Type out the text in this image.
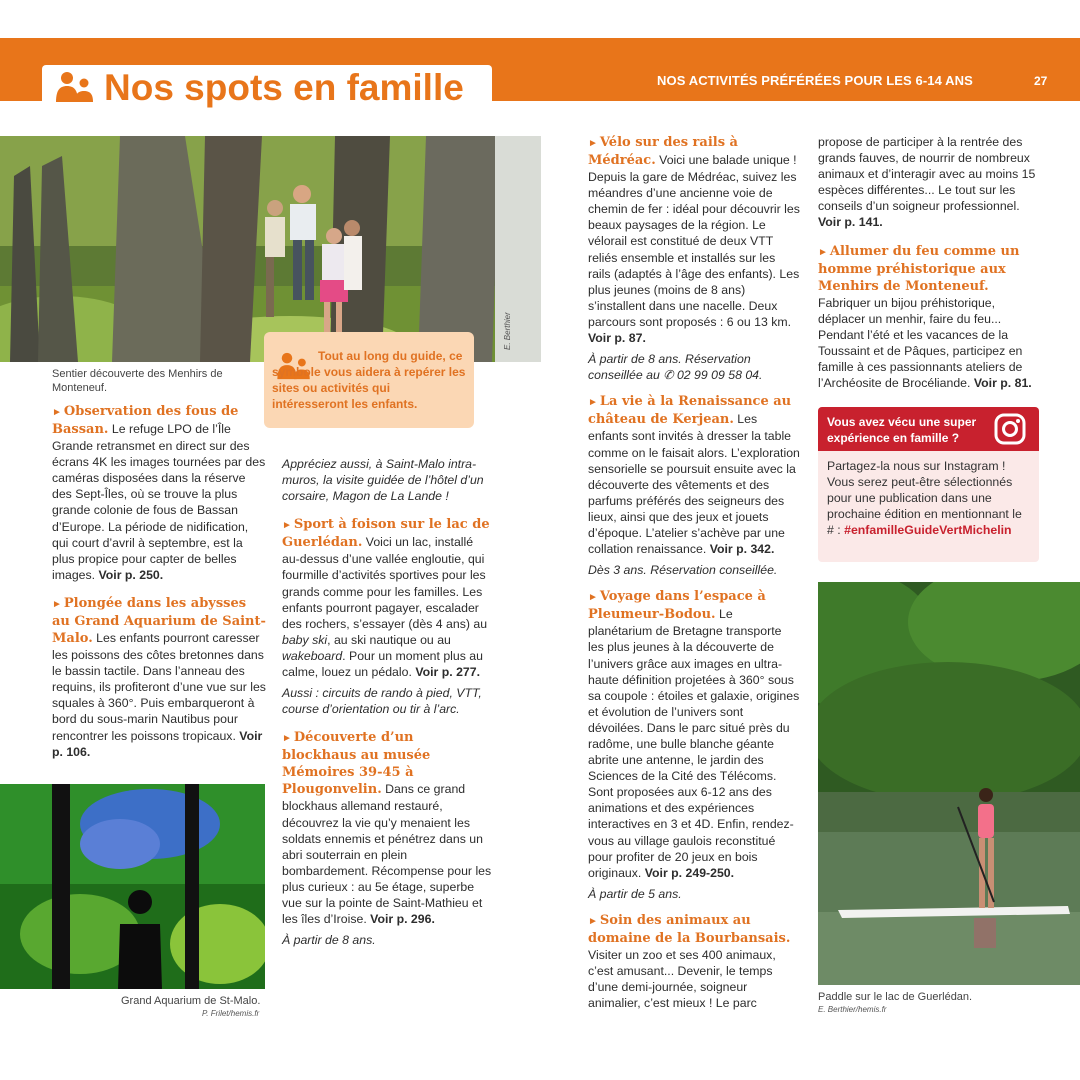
Nos spots en famille	NOS ACTIVITÉS PRÉFÉRÉES POUR LES 6-14 ANS	27
E. Berthier
Sentier découverte des Menhirs de Monteneuf.
Tout au long du guide, ce symbole vous aidera à repérer les sites ou activités qui intéresseront les enfants.

► Observation des fous de Bassan. Le refuge LPO de l’Île Grande retransmet en direct sur des écrans 4K les images tournées par des caméras disposées dans la réserve des Sept-Îles, où se trouve la plus grande colonie de fous de Bassan d’Europe. La période de nidification, qui court d’avril à septembre, est la plus propice pour capter de belles images. Voir p. 250.

► Plongée dans les abysses au Grand Aquarium de Saint-Malo. Les enfants pourront caresser les poissons des côtes bretonnes dans le bassin tactile. Dans l’anneau des requins, ils profiteront d’une vue sur les squales à 360°. Puis embarqueront à bord du sous-marin Nautibus pour rencontrer les poissons tropicaux. Voir p. 106.

Grand Aquarium de St-Malo.
P. Frilet/hemis.fr

Appréciez aussi, à Saint-Malo intra-muros, la visite guidée de l’hôtel d’un corsaire, Magon de La Lande !

► Sport à foison sur le lac de Guerlédan. Voici un lac, installé au-dessus d’une vallée engloutie, qui fourmille d’activités sportives pour les grands comme pour les familles. Les enfants pourront pagayer, escalader des rochers, s’essayer (dès 4 ans) au baby ski, au ski nautique ou au wakeboard. Pour un moment plus au calme, louez un pédalo. Voir p. 277.

Aussi : circuits de rando à pied, VTT, course d’orientation ou tir à l’arc.

► Découverte d’un blockhaus au musée Mémoires 39-45 à Plougonvelin. Dans ce grand blockhaus allemand restauré, découvrez la vie qu’y menaient les soldats ennemis et pénétrez dans un abri souterrain en plein bombardement. Récompense pour les plus curieux : au 5e étage, superbe vue sur la pointe de Saint-Mathieu et les îles d’Iroise. Voir p. 296.

À partir de 8 ans.

► Vélo sur des rails à Médréac. Voici une balade unique ! Depuis la gare de Médréac, suivez les méandres d’une ancienne voie de chemin de fer : idéal pour découvrir les beaux paysages de la région. Le vélorail est constitué de deux VTT reliés ensemble et installés sur les rails (adaptés à l’âge des enfants). Les plus jeunes (moins de 8 ans) s’installent dans une nacelle. Deux parcours sont proposés : 6 ou 13 km. Voir p. 87.

À partir de 8 ans. Réservation conseillée au ✆ 02 99 09 58 04.

► La vie à la Renaissance au château de Kerjean. Les enfants sont invités à dresser la table comme on le faisait alors. L’exploration sensorielle se poursuit ensuite avec la découverte des vêtements et des parfums préférés des seigneurs des lieux, ainsi que des jeux et jouets d’époque. L’atelier s’achève par une collation renaissance. Voir p. 342.

Dès 3 ans. Réservation conseillée.

► Voyage dans l’espace à Pleumeur-Bodou. Le planétarium de Bretagne transporte les plus jeunes à la découverte de l’univers grâce aux images en ultra-haute définition projetées à 360° sous sa coupole : étoiles et galaxie, origines et évolution de l’univers sont dévoilées. Dans le parc situé près du radôme, une bulle blanche géante abrite une antenne, le jardin des Sciences de la Cité des Télécoms. Sont proposées aux 6-12 ans des animations et des expériences interactives en 3 et 4D. Enfin, rendez-vous au village gaulois reconstitué pour profiter de 20 jeux en bois originaux. Voir p. 249-250.

À partir de 5 ans.

► Soin des animaux au domaine de la Bourbansais. Visiter un zoo et ses 400 animaux, c’est amusant... Devenir, le temps d’une demi-journée, soigneur animalier, c’est mieux ! Le parc

propose de participer à la rentrée des grands fauves, de nourrir de nombreux animaux et d’interagir avec au moins 15 espèces différentes... Le tout sur les conseils d’un soigneur professionnel. Voir p. 141.

► Allumer du feu comme un homme préhistorique aux Menhirs de Monteneuf. Fabriquer un bijou préhistorique, déplacer un menhir, faire du feu... Pendant l’été et les vacances de la Toussaint et de Pâques, participez en famille à ces passionnants ateliers de l’Archéosite de Brocéliande. Voir p. 81.

Vous avez vécu une super expérience en famille ?
Partagez-la nous sur Instagram ! Vous serez peut-être sélectionnés pour une publication dans une prochaine édition en mentionnant le # : #enfamilleGuideVertMichelin
Paddle sur le lac de Guerlédan.
E. Berthier/hemis.fr
